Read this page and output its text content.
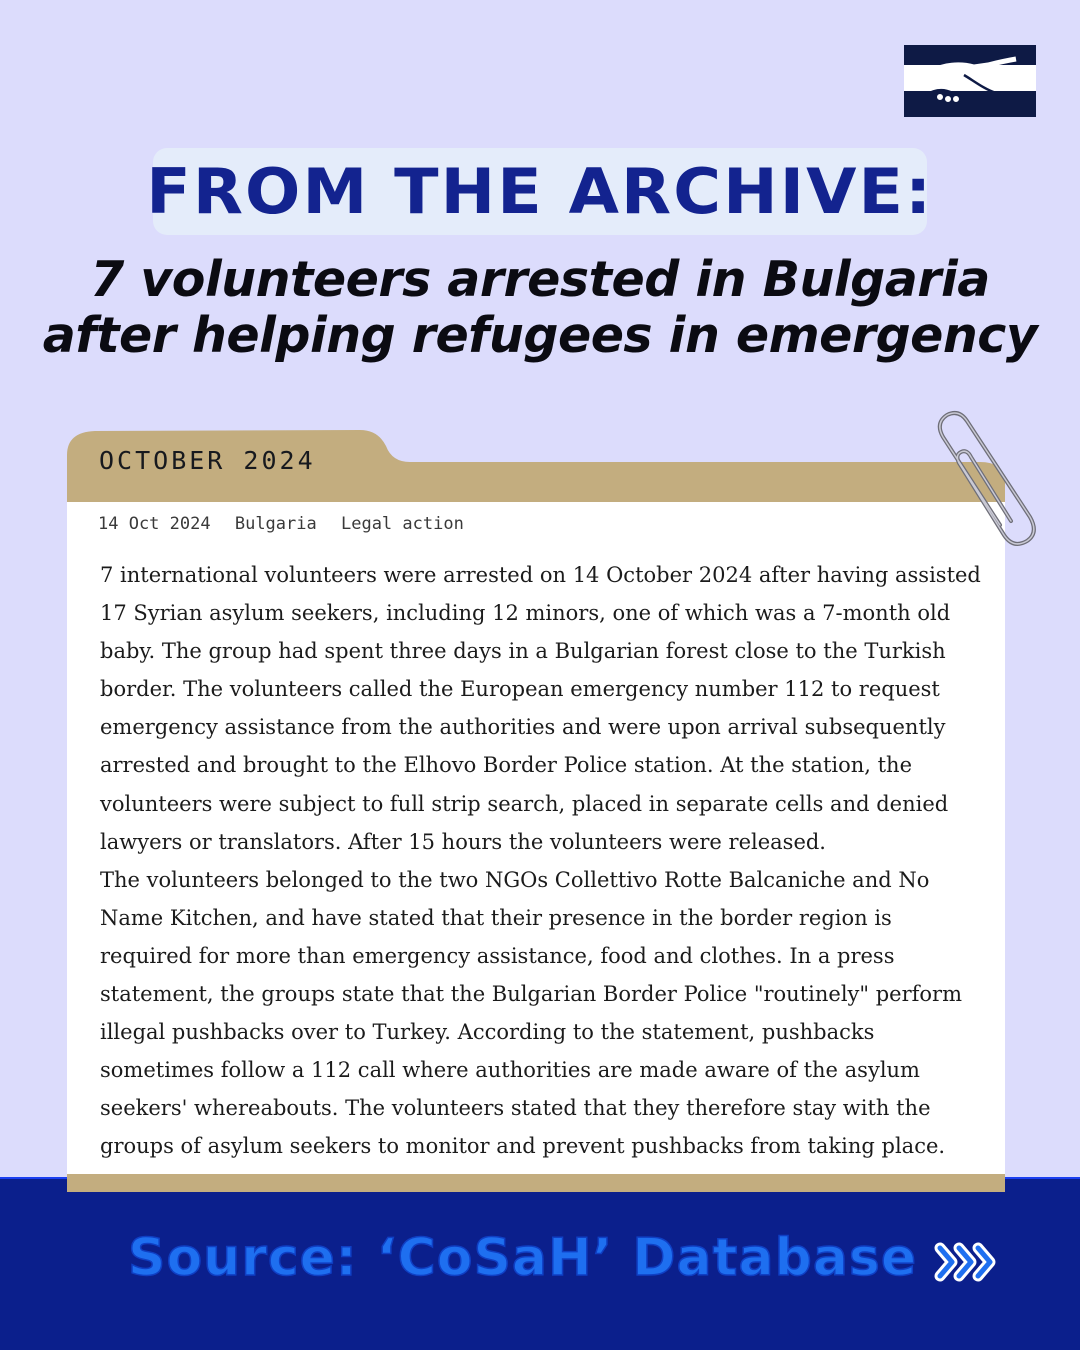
FROM THE ARCHIVE:
7 volunteers arrested in Bulgaria
after helping refugees in emergency
OCTOBER 2024
14 Oct 2024 Bulgaria Legal action

7 international volunteers were arrested on 14 October 2024 after having assisted
17 Syrian asylum seekers, including 12 minors, one of which was a 7-month old
baby. The group had spent three days in a Bulgarian forest close to the Turkish
border. The volunteers called the European emergency number 112 to request
emergency assistance from the authorities and were upon arrival subsequently
arrested and brought to the Elhovo Border Police station. At the station, the
volunteers were subject to full strip search, placed in separate cells and denied
lawyers or translators. After 15 hours the volunteers were released.

The volunteers belonged to the two NGOs Collettivo Rotte Balcaniche and No
Name Kitchen, and have stated that their presence in the border region is
required for more than emergency assistance, food and clothes. In a press
statement, the groups state that the Bulgarian Border Police "routinely" perform
illegal pushbacks over to Turkey. According to the statement, pushbacks
sometimes follow a 112 call where authorities are made aware of the asylum
seekers' whereabouts. The volunteers stated that they therefore stay with the
groups of asylum seekers to monitor and prevent pushbacks from taking place.

Source: ‘CoSaH’ Database
